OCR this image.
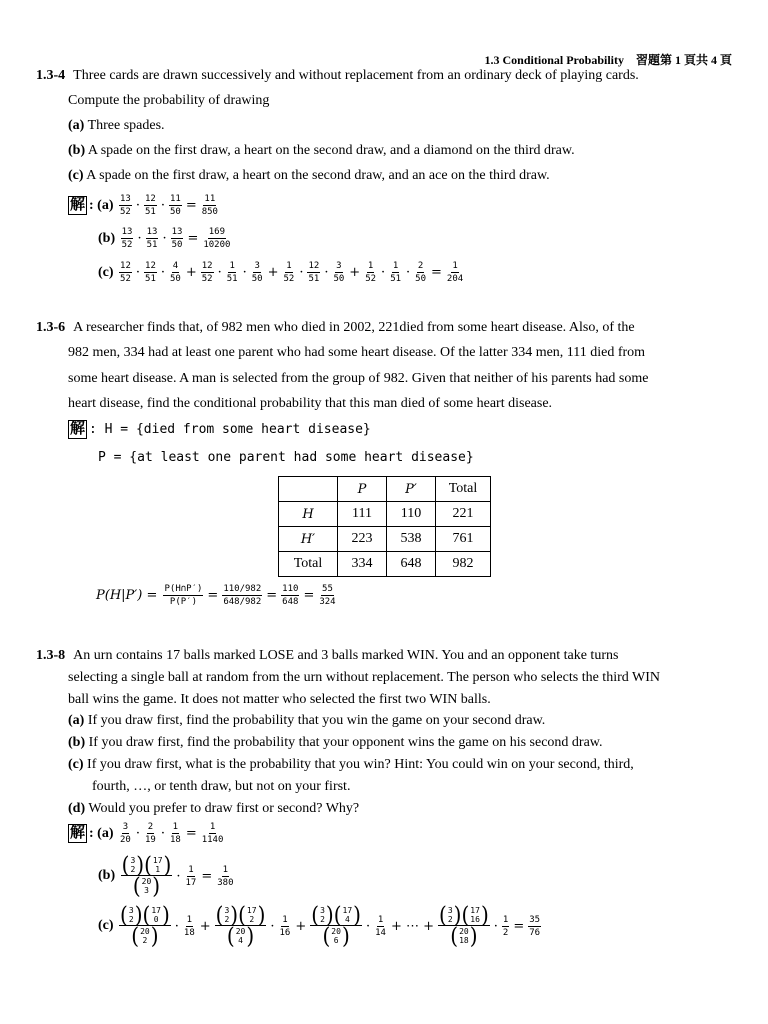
1.3 Conditional Probability　習題第 1 頁共 4 頁
1.3-4 Three cards are drawn successively and without replacement from an ordinary deck of playing cards.
Compute the probability of drawing
(a) Three spades.
(b) A spade on the first draw, a heart on the second draw, and a diamond on the third draw.
(c) A spade on the first draw, a heart on the second draw, and an ace on the third draw.
解 : (a)
$\frac{13}{52} \cdot \frac{12}{51} \cdot \frac{11}{50} = \frac{11}{850}$
(b)
$\frac{13}{52} \cdot \frac{13}{51} \cdot \frac{13}{50} = \frac{169}{10200}$
(c)
$\frac{12}{52} \cdot \frac{12}{51} \cdot \frac{4}{50} + \frac{12}{52} \cdot \frac{1}{51} \cdot \frac{3}{50} + \frac{1}{52} \cdot \frac{12}{51} \cdot \frac{3}{50} + \frac{1}{52} \cdot \frac{1}{51} \cdot \frac{2}{50} = \frac{1}{204}$
1.3-6 A researcher finds that, of 982 men who died in 2002, 221died from some heart disease. Also, of the
982 men, 334 had at least one parent who had some heart disease. Of the latter 334 men, 111 died from
some heart disease. A man is selected from the group of 982. Given that neither of his parents had some
heart disease, find the conditional probability that this man died of some heart disease.
解 : H = {died from some heart disease}
P = {at least one parent had some heart disease}
	P	P′	Total
H	111	110	221
H′	223	538	761
Total	334	648	982
P(H|P′) =
$\frac{P(H\cap P')}{P(P')} = \frac{110/982}{648/982} = \frac{110}{648} = \frac{55}{324}$
1.3-8 An urn contains 17 balls marked LOSE and 3 balls marked WIN. You and an opponent take turns
selecting a single ball at random from the urn without replacement. The person who selects the third WIN
ball wins the game. It does not matter who selected the first two WIN balls.
(a) If you draw first, find the probability that you win the game on your second draw.
(b) If you draw first, find the probability that your opponent wins the game on his second draw.
(c) If you draw first, what is the probability that you win? Hint: You could win on your second, third,
fourth, …, or tenth draw, but not on your first.
(d) Would you prefer to draw first or second? Why?
解 : (a)
$\frac{3}{20} \cdot \frac{2}{19} \cdot \frac{1}{18} = \frac{1}{1140}$
(b)
( 3
2 ) ( 17
1 )
( 20
3 ) · $\frac{1}{17} = \frac{1}{380}$
(c)
( 3
2 ) ( 17
0 )
( 20
2 ) · $\frac{1}{18}$ + ( 3
2 ) ( 17
2 )
( 20
4 ) · $\frac{1}{16}$ + ( 3
2 ) ( 17
4 )
( 20
6 ) · $\frac{1}{14}$ + ⋯ + ( 3
2 ) ( 17
16 )
( 20
18 ) · $\frac{1}{2} = \frac{35}{76}$
